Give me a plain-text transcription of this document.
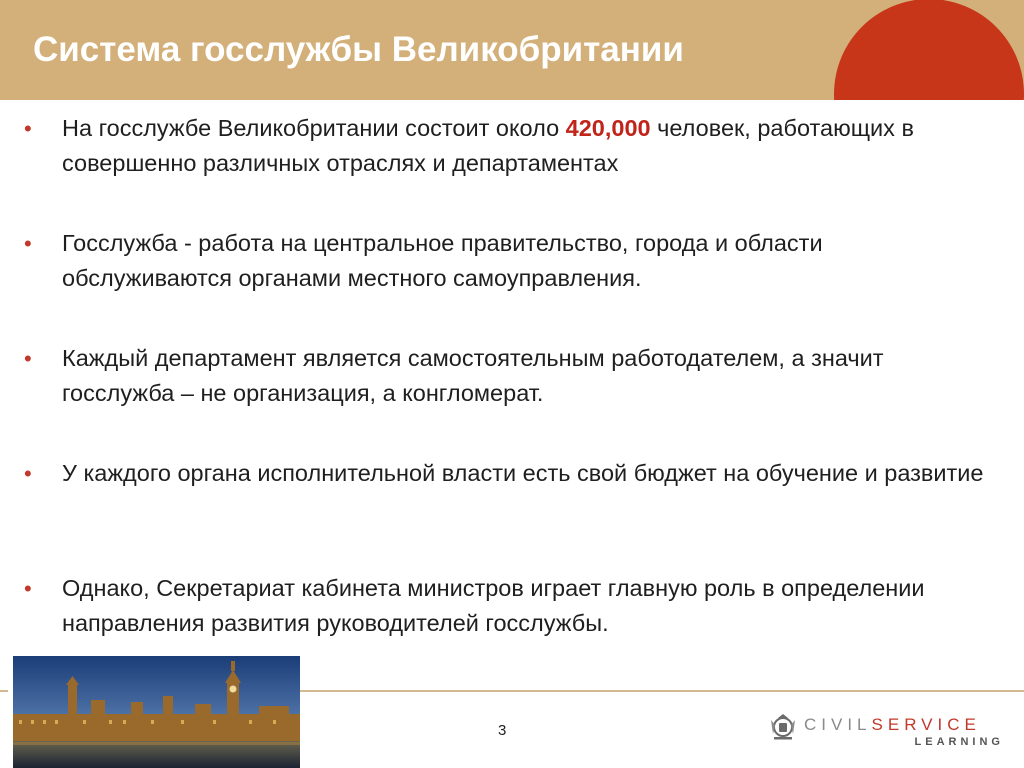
Система госслужбы Великобритании
• На госслужбе Великобритании состоит около 420,000 человек, работающих в совершенно различных отраслях и департаментах
• Госслужба - работа на центральное правительство, города и области обслуживаются органами местного самоуправления.
• Каждый департамент является самостоятельным работодателем, а значит госслужба – не организация, а конгломерат.
• У каждого органа исполнительной власти есть свой бюджет на обучение и развитие
• Однако, Секретариат кабинета министров играет главную роль в определении направления развития руководителей госслужбы.
3	CIVILSERVICE
LEARNING
